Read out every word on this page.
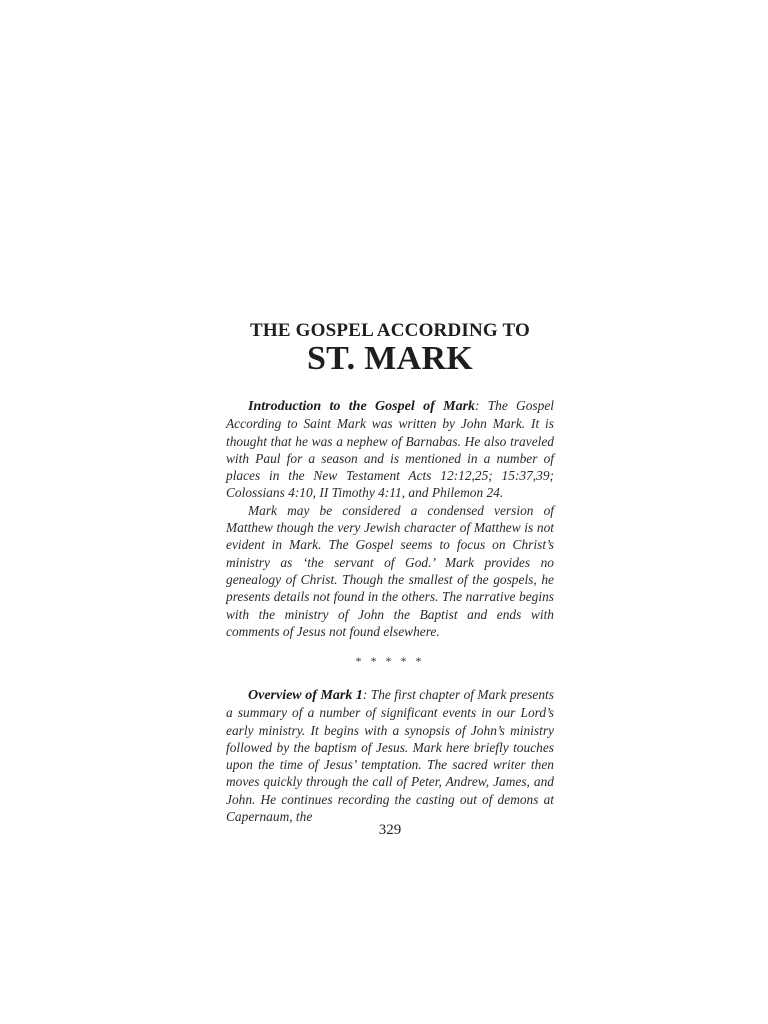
THE GOSPEL ACCORDING TO
ST. MARK

Introduction to the Gospel of Mark: The Gospel According to Saint Mark was written by John Mark. It is thought that he was a nephew of Barnabas. He also traveled with Paul for a season and is mentioned in a number of places in the New Testament Acts 12:12,25; 15:37,39; Colossians 4:10, II Timothy 4:11, and Philemon 24.

Mark may be considered a condensed version of Matthew though the very Jewish character of Matthew is not evident in Mark. The Gospel seems to focus on Christ’s ministry as ‘the servant of God.’ Mark provides no genealogy of Christ. Though the smallest of the gospels, he presents details not found in the others. The narrative begins with the ministry of John the Baptist and ends with comments of Jesus not found elsewhere.

* * * * *

Overview of Mark 1: The first chapter of Mark presents a summary of a number of significant events in our Lord’s early ministry. It begins with a synopsis of John’s ministry followed by the baptism of Jesus. Mark here briefly touches upon the time of Jesus’ temptation. The sacred writer then moves quickly through the call of Peter, Andrew, James, and John. He continues recording the casting out of demons at Capernaum, the

329
